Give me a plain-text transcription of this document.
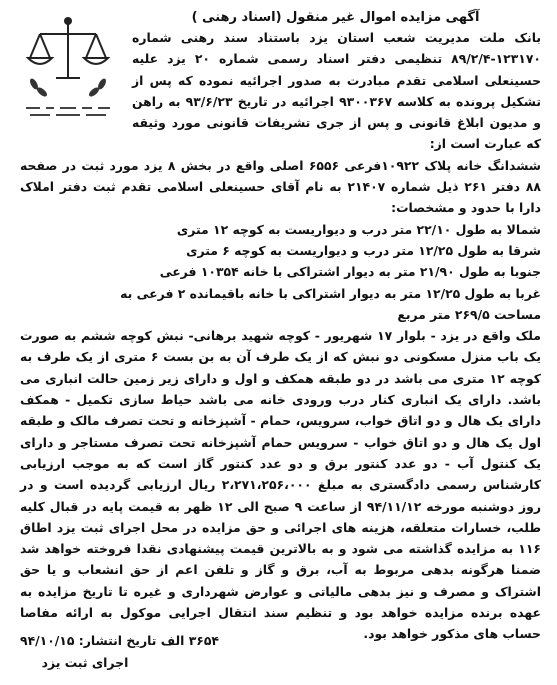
آگهی مزایده اموال غیر منقول (اسناد رهنی )

بانک ملت مدیریت شعب استان یزد باستناد سند رهنی شماره ۱۲۳۱۷۰-۸۹/۲/۴ تنظیمی دفتر اسناد رسمی شماره ۲۰ یزد علیه حسینعلی اسلامی تقدم مبادرت به صدور اجرائیه نموده که پس از تشکیل پرونده به کلاسه ۹۳۰۰۳۶۷ اجرائیه در تاریخ ۹۳/۶/۲۳ به راهن و مدیون ابلاغ قانونی و پس از جری تشریفات قانونی مورد وثیقه که عبارت است از:

ششدانگ خانه پلاک ۱۰۹۲۲فرعی ۶۵۵۶ اصلی واقع در بخش ۸ یزد مورد ثبت در صفحه ۸۸ دفتر ۲۶۱ ذیل شماره ۲۱۴۰۷ به نام آقای حسینعلی اسلامی تقدم ثبت دفتر املاک دارا با حدود و مشخصات:

شمالا به طول ۲۲/۱۰ متر درب و دیواریست به کوچه ۱۲ متری
شرقا به طول ۱۲/۲۵ متر درب و دیواریست به کوچه ۶ متری
جنوبا به طول ۲۱/۹۰ متر به دیوار اشتراکی با خانه ۱۰۳۵۴ فرعی
غربا به طول ۱۲/۲۵ متر به دیوار اشتراکی با خانه باقیمانده ۲ فرعی به
مساحت ۲۶۹/۵ متر مربع

ملک واقع در یزد - بلوار ۱۷ شهریور - کوچه شهید برهانی- نبش کوچه ششم به صورت یک باب منزل مسکونی دو نبش که از یک طرف آن به بن بست ۶ متری از یک طرف به کوچه ۱۲ متری می باشد در دو طبقه همکف و اول و دارای زیر زمین حالت انباری می باشد. دارای یک انباری کنار درب ورودی خانه می باشد حیاط سازی تکمیل - همکف دارای یک هال و دو اتاق خواب، سرویس، حمام - آشپزخانه و تحت تصرف مالک و طبقه اول یک هال و دو اتاق خواب - سرویس حمام آشپزخانه تحت تصرف مستاجر و دارای یک کنتول آب - دو عدد کنتور برق و دو عدد کنتور گاز است که به موجب ارزیابی کارشناس رسمی دادگستری به مبلغ ۲،۲۷۱،۲۵۶،۰۰۰ ریال ارزیابی گردیده است و در روز دوشنبه مورخه ۹۴/۱۱/۱۲ از ساعت ۹ صبح الی ۱۲ ظهر به قیمت پایه در قبال کلیه طلب، خسارات متعلقه، هزینه های اجرائی و حق مزایده در محل اجرای ثبت یزد اطاق ۱۱۶ به مزایده گذاشته می شود و به بالاترین قیمت پیشنهادی نقدا فروخته خواهد شد ضمنا هرگونه بدهی مربوط به آب، برق و گاز و تلفن اعم از حق انشعاب و یا حق اشتراک و مصرف و نیز بدهی مالیاتی و عوارض شهرداری و غیره تا تاریخ مزایده به عهده برنده مزایده خواهد بود و تنظیم سند انتقال اجرایی موکول به ارائه مفاصا حساب های مذکور خواهد بود.

۳۶۵۴ الف تاریخ انتشار: ۹۴/۱۰/۱۵
اجرای ثبت یزد
